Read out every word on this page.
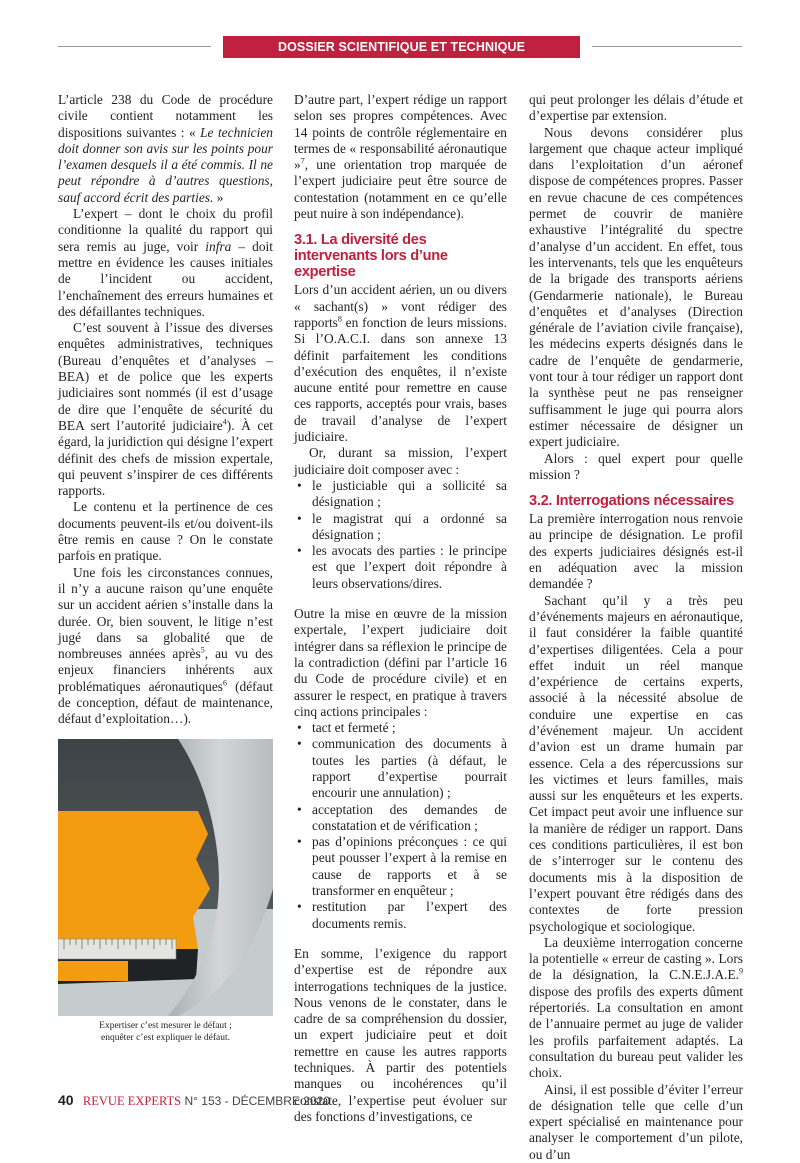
DOSSIER SCIENTIFIQUE ET TECHNIQUE

L’article 238 du Code de procédure civile contient notamment les dispositions suivantes : « Le technicien doit donner son avis sur les points pour l’examen desquels il a été commis. Il ne peut répondre à d’autres questions, sauf accord écrit des parties. »

L’expert – dont le choix du profil conditionne la qualité du rapport qui sera remis au juge, voir infra – doit mettre en évidence les causes initiales de l’incident ou accident, l’enchaînement des erreurs humaines et des défaillantes techniques.

C’est souvent à l’issue des diverses enquêtes administratives, techniques (Bureau d’enquêtes et d’analyses – BEA) et de police que les experts judiciaires sont nommés (il est d’usage de dire que l’enquête de sécurité du BEA sert l’autorité judiciaire$^4$). À cet égard, la juridiction qui désigne l’expert définit des chefs de mission expertale, qui peuvent s’inspirer de ces différents rapports.

Le contenu et la pertinence de ces documents peuvent-ils et/ou doivent-ils être remis en cause ? On le constate parfois en pratique.

Une fois les circonstances connues, il n’y a aucune raison qu’une enquête sur un accident aérien s’installe dans la durée. Or, bien souvent, le litige n’est jugé dans sa globalité que de nombreuses années après$^5$, au vu des enjeux financiers inhérents aux problématiques aéronautiques$^6$ (défaut de conception, défaut de maintenance, défaut d’exploitation…).

Expertiser c’est mesurer le défaut ;
enquêter c’est expliquer le défaut.

D’autre part, l’expert rédige un rapport selon ses propres compétences. Avec 14 points de contrôle réglementaire en termes de « responsabilité aéronautique »$^7$, une orientation trop marquée de l’expert judiciaire peut être source de contestation (notamment en ce qu’elle peut nuire à son indépendance).

3.1. La diversité des intervenants lors d’une expertise

Lors d’un accident aérien, un ou divers « sachant(s) » vont rédiger des rapports$^8$ en fonction de leurs missions. Si l’O.A.C.I. dans son annexe 13 définit parfaitement les conditions d’exécution des enquêtes, il n’existe aucune entité pour remettre en cause ces rapports, acceptés pour vrais, bases de travail d’analyse de l’expert judiciaire.

Or, durant sa mission, l’expert judiciaire doit composer avec :

• le justiciable qui a sollicité sa désignation ;
• le magistrat qui a ordonné sa désignation ;
• les avocats des parties : le principe est que l’expert doit répondre à leurs observations/dires.

Outre la mise en œuvre de la mission expertale, l’expert judiciaire doit intégrer dans sa réflexion le principe de la contradiction (défini par l’article 16 du Code de procédure civile) et en assurer le respect, en pratique à travers cinq actions principales :

• tact et fermeté ;
• communication des documents à toutes les parties (à défaut, le rapport d’expertise pourrait encourir une annulation) ;
• acceptation des demandes de constatation et de vérification ;
• pas d’opinions préconçues : ce qui peut pousser l’expert à la remise en cause de rapports et à se transformer en enquêteur ;
• restitution par l’expert des documents remis.

En somme, l’exigence du rapport d’expertise est de répondre aux interrogations techniques de la justice. Nous venons de le constater, dans le cadre de sa compréhension du dossier, un expert judiciaire peut et doit remettre en cause les autres rapports techniques. À partir des potentiels manques ou incohérences qu’il constate, l’expertise peut évoluer sur des fonctions d’investigations, ce

qui peut prolonger les délais d’étude et d’expertise par extension.

Nous devons considérer plus largement que chaque acteur impliqué dans l’exploitation d’un aéronef dispose de compétences propres. Passer en revue chacune de ces compétences permet de couvrir de manière exhaustive l’intégralité du spectre d’analyse d’un accident. En effet, tous les intervenants, tels que les enquêteurs de la brigade des transports aériens (Gendarmerie nationale), le Bureau d’enquêtes et d’analyses (Direction générale de l’aviation civile française), les médecins experts désignés dans le cadre de l’enquête de gendarmerie, vont tour à tour rédiger un rapport dont la synthèse peut ne pas renseigner suffisamment le juge qui pourra alors estimer nécessaire de désigner un expert judiciaire.

Alors : quel expert pour quelle mission ?

3.2. Interrogations nécessaires

La première interrogation nous renvoie au principe de désignation. Le profil des experts judiciaires désignés est-il en adéquation avec la mission demandée ?

Sachant qu’il y a très peu d’événements majeurs en aéronautique, il faut considérer la faible quantité d’expertises diligentées. Cela a pour effet induit un réel manque d’expérience de certains experts, associé à la nécessité absolue de conduire une expertise en cas d’événement majeur. Un accident d’avion est un drame humain par essence. Cela a des répercussions sur les victimes et leurs familles, mais aussi sur les enquêteurs et les experts. Cet impact peut avoir une influence sur la manière de rédiger un rapport. Dans ces conditions particulières, il est bon de s’interroger sur le contenu des documents mis à la disposition de l’expert pouvant être rédigés dans des contextes de forte pression psychologique et sociologique.

La deuxième interrogation concerne la potentielle « erreur de casting ». Lors de la désignation, la C.N.E.J.A.E.$^9$ dispose des profils des experts dûment répertoriés. La consultation en amont de l’annuaire permet au juge de valider les profils parfaitement adaptés. La consultation du bureau peut valider les choix.

Ainsi, il est possible d’éviter l’erreur de désignation telle que celle d’un expert spécialisé en maintenance pour analyser le comportement d’un pilote, ou d’un

40 REVUE EXPERTS N° 153 - DÉCEMBRE 2020
